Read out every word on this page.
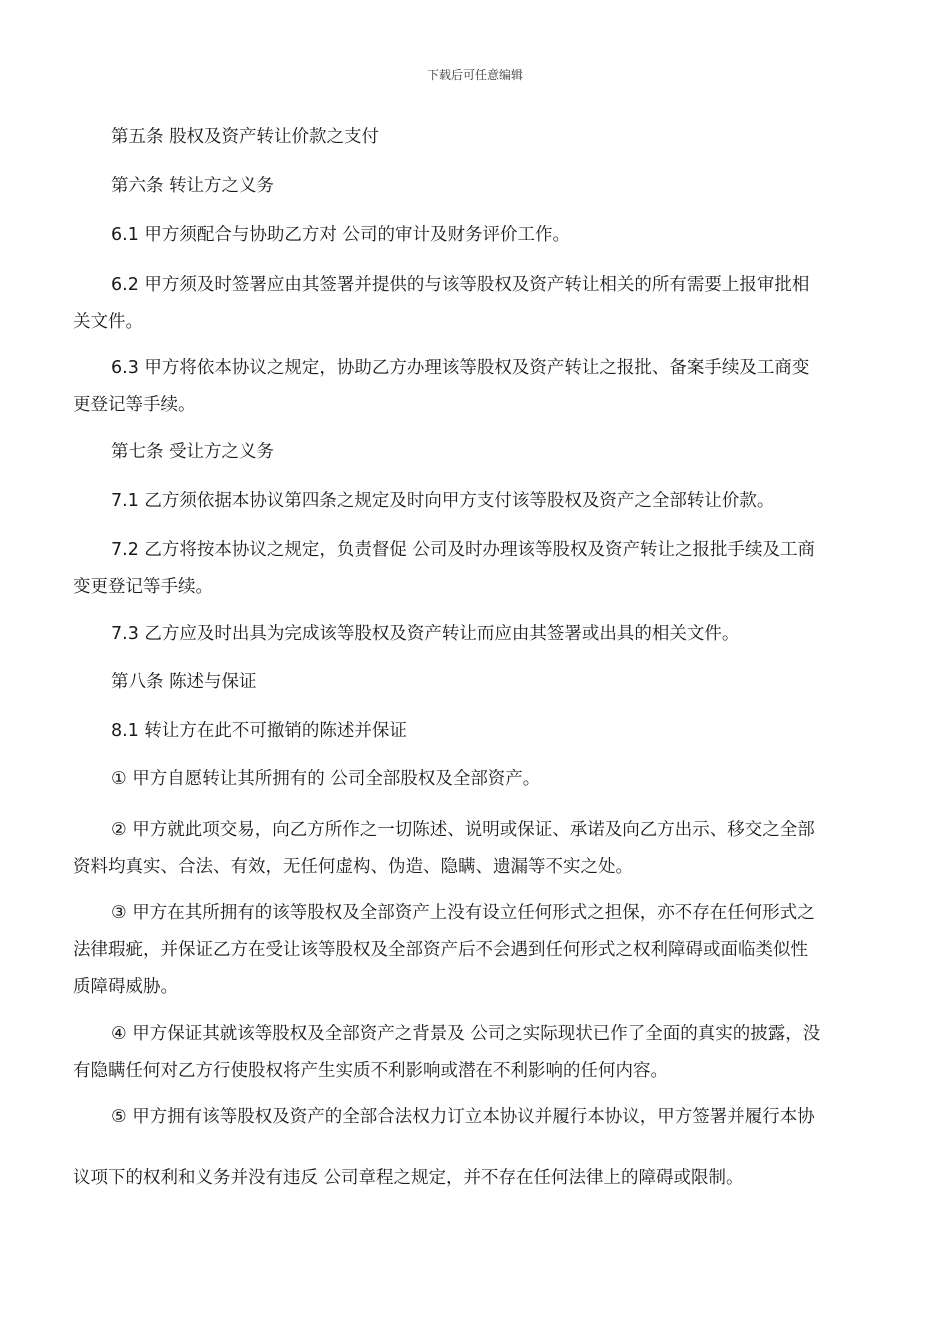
下载后可任意编辑
第五条 股权及资产转让价款之支付
第六条 转让方之义务
6.1 甲方须配合与协助乙方对 公司的审计及财务评价工作。
6.2 甲方须及时签署应由其签署并提供的与该等股权及资产转让相关的所有需要上报审批相
关文件。
6.3 甲方将依本协议之规定，协助乙方办理该等股权及资产转让之报批、备案手续及工商变
更登记等手续。
第七条 受让方之义务
7.1 乙方须依据本协议第四条之规定及时向甲方支付该等股权及资产之全部转让价款。
7.2 乙方将按本协议之规定，负责督促 公司及时办理该等股权及资产转让之报批手续及工商
变更登记等手续。
7.3 乙方应及时出具为完成该等股权及资产转让而应由其签署或出具的相关文件。
第八条 陈述与保证
8.1 转让方在此不可撤销的陈述并保证
① 甲方自愿转让其所拥有的 公司全部股权及全部资产。
② 甲方就此项交易，向乙方所作之一切陈述、说明或保证、承诺及向乙方出示、移交之全部
资料均真实、合法、有效，无任何虚构、伪造、隐瞒、遗漏等不实之处。
③ 甲方在其所拥有的该等股权及全部资产上没有设立任何形式之担保，亦不存在任何形式之
法律瑕疵，并保证乙方在受让该等股权及全部资产后不会遇到任何形式之权利障碍或面临类似性
质障碍威胁。
④ 甲方保证其就该等股权及全部资产之背景及 公司之实际现状已作了全面的真实的披露，没
有隐瞒任何对乙方行使股权将产生实质不利影响或潜在不利影响的任何内容。
⑤ 甲方拥有该等股权及资产的全部合法权力订立本协议并履行本协议，甲方签署并履行本协
议项下的权利和义务并没有违反 公司章程之规定，并不存在任何法律上的障碍或限制。
